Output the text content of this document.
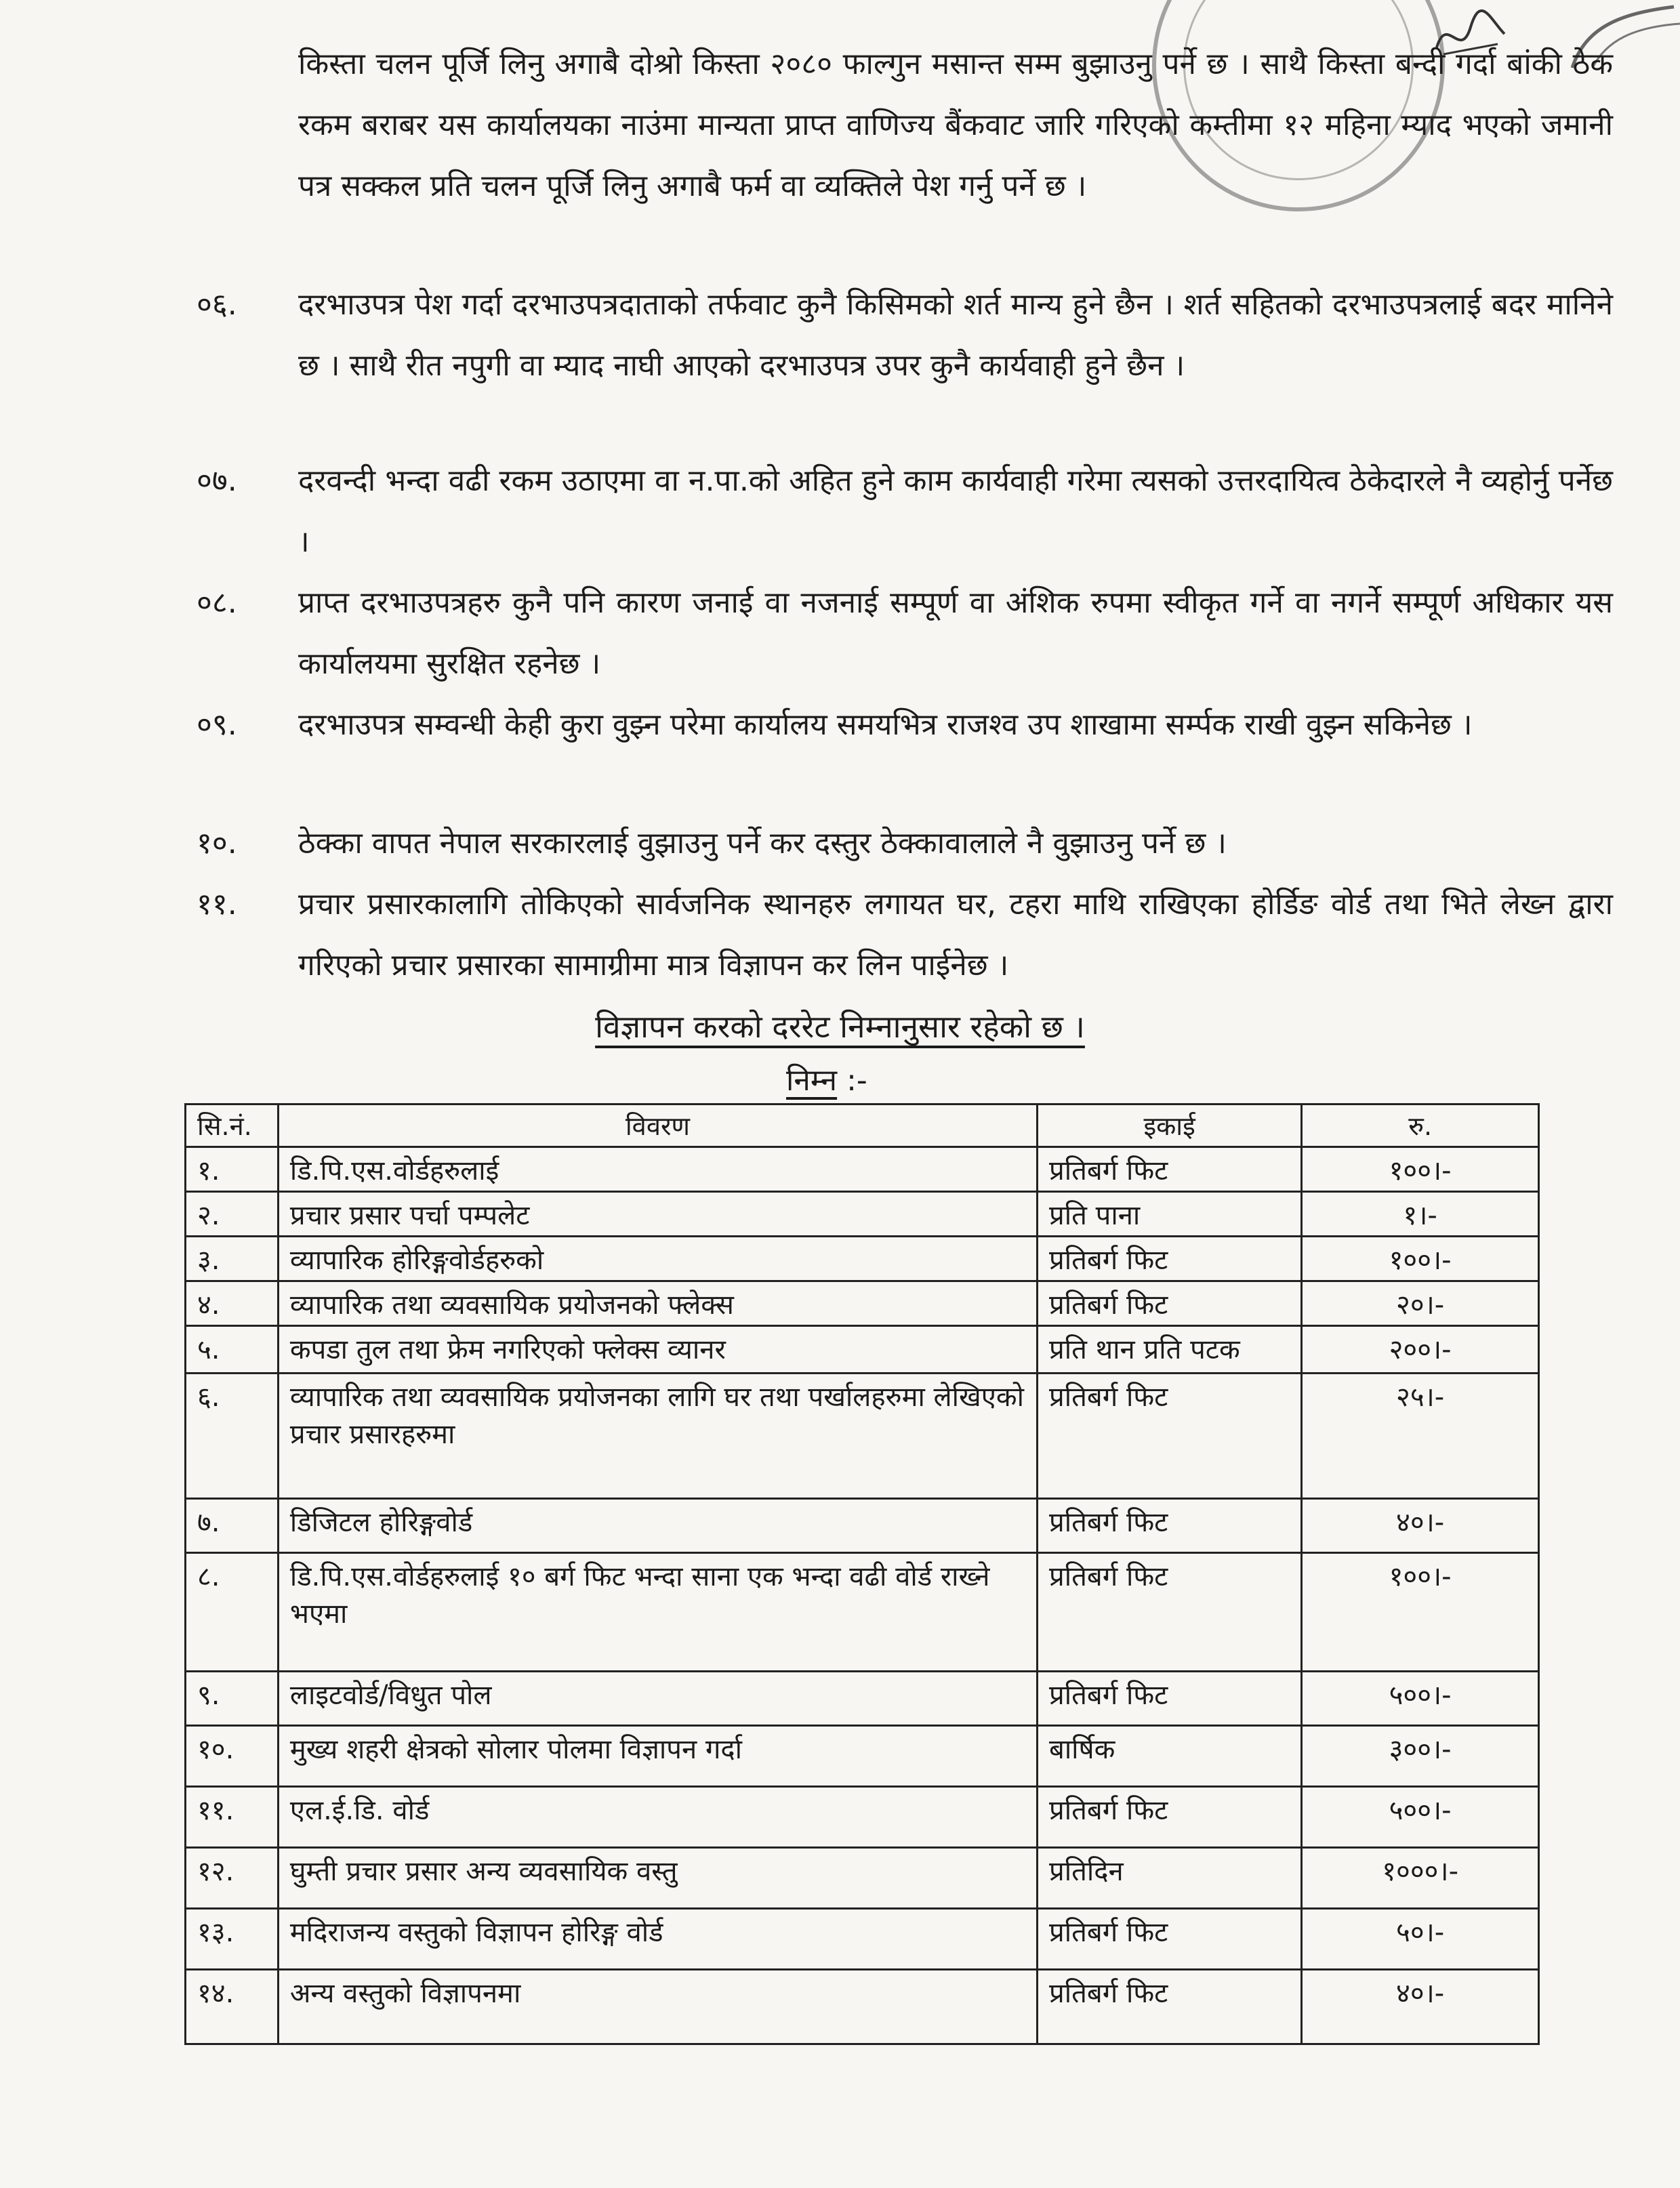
किस्ता चलन पूर्जि लिनु अगाबै दोश्रो किस्ता २०८० फाल्गुन मसान्त सम्म बुझाउनु पर्ने छ । साथै किस्ता बन्दी गर्दा बांकी ठेक रकम बराबर यस कार्यालयका नाउंमा मान्यता प्राप्त वाणिज्य बैंकवाट जारि गरिएको कम्तीमा १२ महिना म्याद भएको जमानी पत्र सक्कल प्रति चलन पूर्जि लिनु अगाबै फर्म वा व्यक्तिले पेश गर्नु पर्ने छ ।
०६. दरभाउपत्र पेश गर्दा दरभाउपत्रदाताको तर्फवाट कुनै किसिमको शर्त मान्य हुने छैन । शर्त सहितको दरभाउपत्रलाई बदर मानिने छ । साथै रीत नपुगी वा म्याद नाघी आएको दरभाउपत्र उपर कुनै कार्यवाही हुने छैन ।
०७. दरवन्दी भन्दा वढी रकम उठाएमा वा न.पा.को अहित हुने काम कार्यवाही गरेमा त्यसको उत्तरदायित्व ठेकेदारले नै व्यहोर्नु पर्नेछ ।
०८. प्राप्त दरभाउपत्रहरु कुनै पनि कारण जनाई वा नजनाई सम्पूर्ण वा अंशिक रुपमा स्वीकृत गर्ने वा नगर्ने सम्पूर्ण अधिकार यस कार्यालयमा सुरक्षित रहनेछ ।
०९. दरभाउपत्र सम्वन्धी केही कुरा वुझ्न परेमा कार्यालय समयभित्र राजश्व उप शाखामा सर्म्पक राखी वुझ्न सकिनेछ ।
१०. ठेक्का वापत नेपाल सरकारलाई वुझाउनु पर्ने कर दस्तुर ठेक्कावालाले नै वुझाउनु पर्ने छ ।
११. प्रचार प्रसारकालागि तोकिएको सार्वजनिक स्थानहरु लगायत घर, टहरा माथि राखिएका होर्डिङ वोर्ड तथा भिते लेख्न द्वारा गरिएको प्रचार प्रसारका सामाग्रीमा मात्र विज्ञापन कर लिन पाईनेछ ।
विज्ञापन करको दररेट निम्नानुसार रहेको छ ।
निम्न :-
सि.नं.	विवरण	इकाई	रु.
१.	डि.पि.एस.वोर्डहरुलाई	प्रतिबर्ग फिट	१००।-
२.	प्रचार प्रसार पर्चा पम्पलेट	प्रति पाना	१।-
३.	व्यापारिक होरिङ्गवोर्डहरुको	प्रतिबर्ग फिट	१००।-
४.	व्यापारिक तथा व्यवसायिक प्रयोजनको फ्लेक्स	प्रतिबर्ग फिट	२०।-
५.	कपडा तुल तथा फ्रेम नगरिएको फ्लेक्स व्यानर	प्रति थान प्रति पटक	२००।-
६.	व्यापारिक तथा व्यवसायिक प्रयोजनका लागि घर तथा पर्खालहरुमा लेखिएको प्रचार प्रसारहरुमा	प्रतिबर्ग फिट	२५।-
७.	डिजिटल होरिङ्गवोर्ड	प्रतिबर्ग फिट	४०।-
८.	डि.पि.एस.वोर्डहरुलाई १० बर्ग फिट भन्दा साना एक भन्दा वढी वोर्ड राख्ने भएमा	प्रतिबर्ग फिट	१००।-
९.	लाइटवोर्ड/विधुत पोल	प्रतिबर्ग फिट	५००।-
१०.	मुख्य शहरी क्षेत्रको सोलार पोलमा विज्ञापन गर्दा	बार्षिक	३००।-
११.	एल.ई.डि. वोर्ड	प्रतिबर्ग फिट	५००।-
१२.	घुम्ती प्रचार प्रसार अन्य व्यवसायिक वस्तु	प्रतिदिन	१०००।-
१३.	मदिराजन्य वस्तुको विज्ञापन होरिङ्ग वोर्ड	प्रतिबर्ग फिट	५०।-
१४.	अन्य वस्तुको विज्ञापनमा	प्रतिबर्ग फिट	४०।-
